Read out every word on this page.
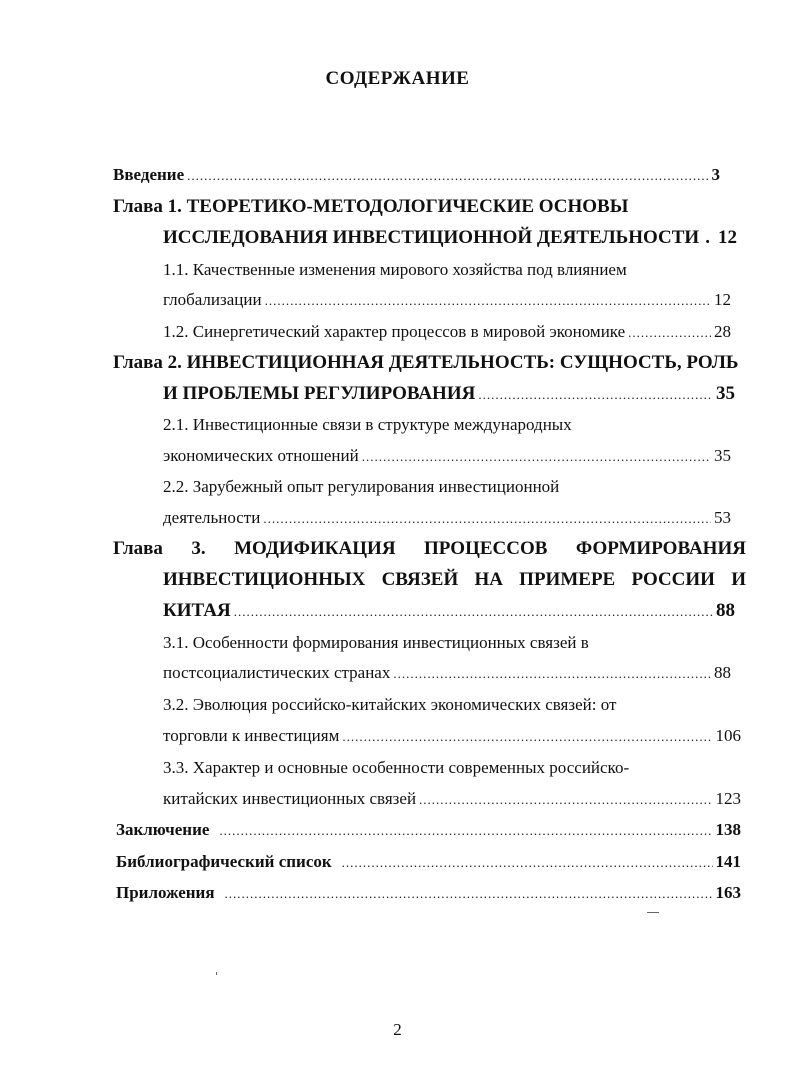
СОДЕРЖАНИЕ
Введение .....	3
Глава 1. ТЕОРЕТИКО-МЕТОДОЛОГИЧЕСКИЕ ОСНОВЫ
ИССЛЕДОВАНИЯ ИНВЕСТИЦИОННОЙ ДЕЯТЕЛЬНОСТИ . 12
1.1. Качественные изменения мирового хозяйства под влиянием
глобализации .....	12
1.2. Синергетический характер процессов в мировой экономике .....	28
Глава 2. ИНВЕСТИЦИОННАЯ ДЕЯТЕЛЬНОСТЬ: СУЩНОСТЬ, РОЛЬ
И ПРОБЛЕМЫ РЕГУЛИРОВАНИЯ .....	35
2.1. Инвестиционные связи в структуре международных
экономических отношений .....	35
2.2. Зарубежный опыт регулирования инвестиционной
деятельности .....	53
Глава 3. МОДИФИКАЦИЯ ПРОЦЕССОВ ФОРМИРОВАНИЯ
ИНВЕСТИЦИОННЫХ СВЯЗЕЙ НА ПРИМЕРЕ РОССИИ И
КИТАЯ .....	88
3.1. Особенности формирования инвестиционных связей в
постсоциалистических странах .....	88
3.2. Эволюция российско-китайских экономических связей: от
торговли к инвестициям .....	106
3.3. Характер и основные особенности современных российско-
китайских инвестиционных связей .....	123
Заключение .....	138
Библиографический список .....	141
Приложения .....	163
2
